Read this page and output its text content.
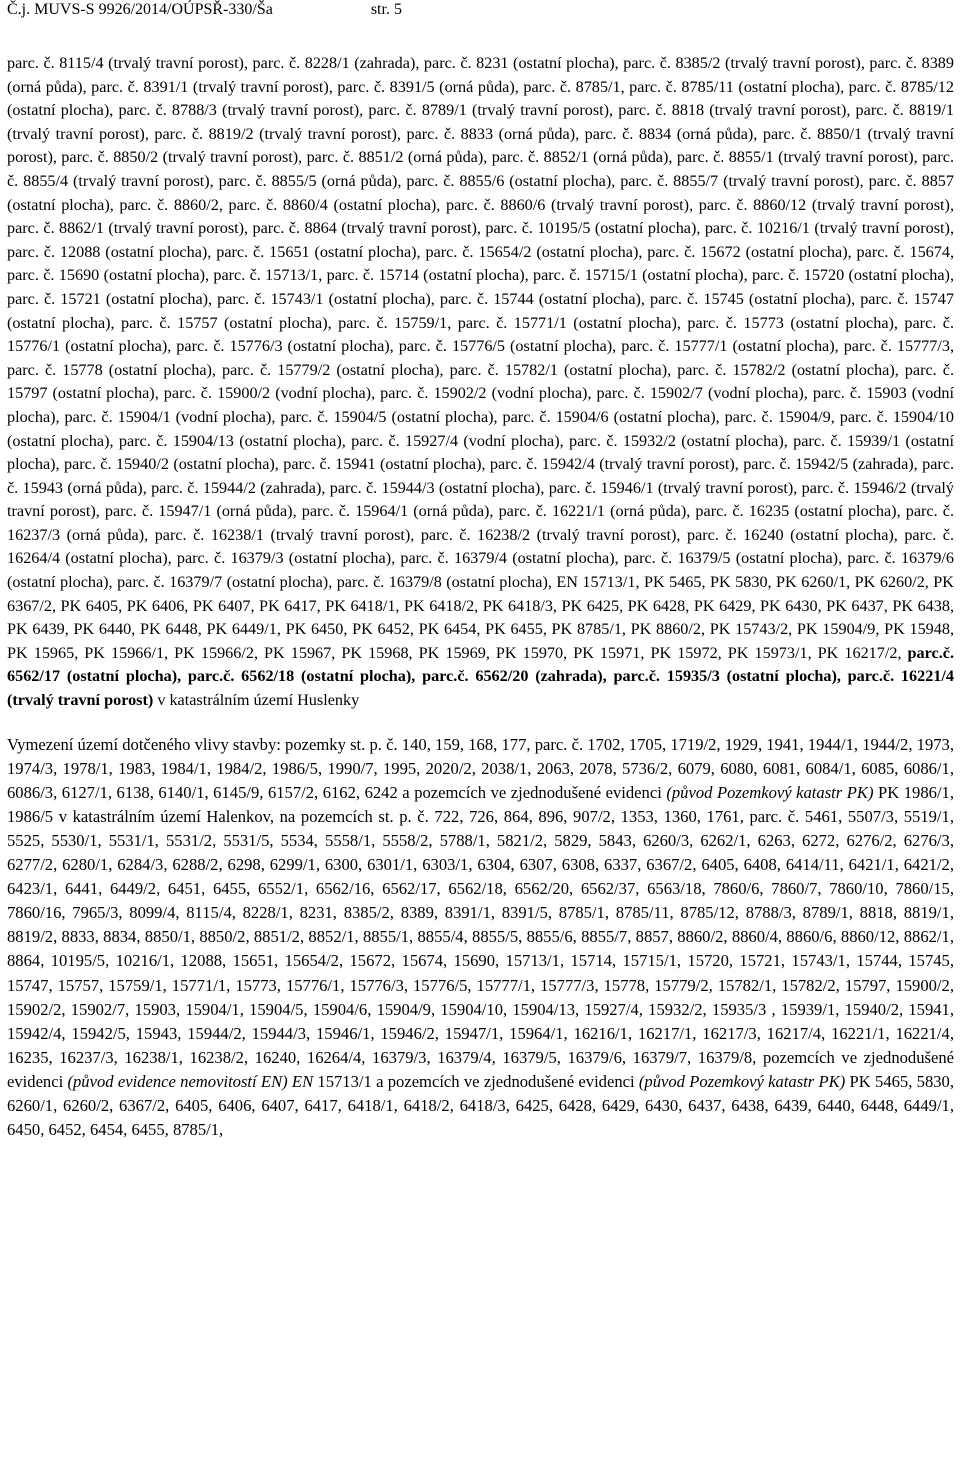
Č.j. MUVS-S 9926/2014/OÚPSŘ-330/Ša	str. 5

parc. č. 8115/4 (trvalý travní porost), parc. č. 8228/1 (zahrada), parc. č. 8231 (ostatní plocha), parc. č. 8385/2 (trvalý travní porost), parc. č. 8389 (orná půda), parc. č. 8391/1 (trvalý travní porost), parc. č. 8391/5 (orná půda), parc. č. 8785/1, parc. č. 8785/11 (ostatní plocha), parc. č. 8785/12 (ostatní plocha), parc. č. 8788/3 (trvalý travní porost), parc. č. 8789/1 (trvalý travní porost), parc. č. 8818 (trvalý travní porost), parc. č. 8819/1 (trvalý travní porost), parc. č. 8819/2 (trvalý travní porost), parc. č. 8833 (orná půda), parc. č. 8834 (orná půda), parc. č. 8850/1 (trvalý travní porost), parc. č. 8850/2 (trvalý travní porost), parc. č. 8851/2 (orná půda), parc. č. 8852/1 (orná půda), parc. č. 8855/1 (trvalý travní porost), parc. č. 8855/4 (trvalý travní porost), parc. č. 8855/5 (orná půda), parc. č. 8855/6 (ostatní plocha), parc. č. 8855/7 (trvalý travní porost), parc. č. 8857 (ostatní plocha), parc. č. 8860/2, parc. č. 8860/4 (ostatní plocha), parc. č. 8860/6 (trvalý travní porost), parc. č. 8860/12 (trvalý travní porost), parc. č. 8862/1 (trvalý travní porost), parc. č. 8864 (trvalý travní porost), parc. č. 10195/5 (ostatní plocha), parc. č. 10216/1 (trvalý travní porost), parc. č. 12088 (ostatní plocha), parc. č. 15651 (ostatní plocha), parc. č. 15654/2 (ostatní plocha), parc. č. 15672 (ostatní plocha), parc. č. 15674, parc. č. 15690 (ostatní plocha), parc. č. 15713/1, parc. č. 15714 (ostatní plocha), parc. č. 15715/1 (ostatní plocha), parc. č. 15720 (ostatní plocha), parc. č. 15721 (ostatní plocha), parc. č. 15743/1 (ostatní plocha), parc. č. 15744 (ostatní plocha), parc. č. 15745 (ostatní plocha), parc. č. 15747 (ostatní plocha), parc. č. 15757 (ostatní plocha), parc. č. 15759/1, parc. č. 15771/1 (ostatní plocha), parc. č. 15773 (ostatní plocha), parc. č. 15776/1 (ostatní plocha), parc. č. 15776/3 (ostatní plocha), parc. č. 15776/5 (ostatní plocha), parc. č. 15777/1 (ostatní plocha), parc. č. 15777/3, parc. č. 15778 (ostatní plocha), parc. č. 15779/2 (ostatní plocha), parc. č. 15782/1 (ostatní plocha), parc. č. 15782/2 (ostatní plocha), parc. č. 15797 (ostatní plocha), parc. č. 15900/2 (vodní plocha), parc. č. 15902/2 (vodní plocha), parc. č. 15902/7 (vodní plocha), parc. č. 15903 (vodní plocha), parc. č. 15904/1 (vodní plocha), parc. č. 15904/5 (ostatní plocha), parc. č. 15904/6 (ostatní plocha), parc. č. 15904/9, parc. č. 15904/10 (ostatní plocha), parc. č. 15904/13 (ostatní plocha), parc. č. 15927/4 (vodní plocha), parc. č. 15932/2 (ostatní plocha), parc. č. 15939/1 (ostatní plocha), parc. č. 15940/2 (ostatní plocha), parc. č. 15941 (ostatní plocha), parc. č. 15942/4 (trvalý travní porost), parc. č. 15942/5 (zahrada), parc. č. 15943 (orná půda), parc. č. 15944/2 (zahrada), parc. č. 15944/3 (ostatní plocha), parc. č. 15946/1 (trvalý travní porost), parc. č. 15946/2 (trvalý travní porost), parc. č. 15947/1 (orná půda), parc. č. 15964/1 (orná půda), parc. č. 16221/1 (orná půda), parc. č. 16235 (ostatní plocha), parc. č. 16237/3 (orná půda), parc. č. 16238/1 (trvalý travní porost), parc. č. 16238/2 (trvalý travní porost), parc. č. 16240 (ostatní plocha), parc. č. 16264/4 (ostatní plocha), parc. č. 16379/3 (ostatní plocha), parc. č. 16379/4 (ostatní plocha), parc. č. 16379/5 (ostatní plocha), parc. č. 16379/6 (ostatní plocha), parc. č. 16379/7 (ostatní plocha), parc. č. 16379/8 (ostatní plocha), EN 15713/1, PK 5465, PK 5830, PK 6260/1, PK 6260/2, PK 6367/2, PK 6405, PK 6406, PK 6407, PK 6417, PK 6418/1, PK 6418/2, PK 6418/3, PK 6425, PK 6428, PK 6429, PK 6430, PK 6437, PK 6438, PK 6439, PK 6440, PK 6448, PK 6449/1, PK 6450, PK 6452, PK 6454, PK 6455, PK 8785/1, PK 8860/2, PK 15743/2, PK 15904/9, PK 15948, PK 15965, PK 15966/1, PK 15966/2, PK 15967, PK 15968, PK 15969, PK 15970, PK 15971, PK 15972, PK 15973/1, PK 16217/2, parc.č. 6562/17 (ostatní plocha), parc.č. 6562/18 (ostatní plocha), parc.č. 6562/20 (zahrada), parc.č. 15935/3 (ostatní plocha), parc.č. 16221/4 (trvalý travní porost) v katastrálním území Huslenky

Vymezení území dotčeného vlivy stavby: pozemky st. p. č. 140, 159, 168, 177, parc. č. 1702, 1705, 1719/2, 1929, 1941, 1944/1, 1944/2, 1973, 1974/3, 1978/1, 1983, 1984/1, 1984/2, 1986/5, 1990/7, 1995, 2020/2, 2038/1, 2063, 2078, 5736/2, 6079, 6080, 6081, 6084/1, 6085, 6086/1, 6086/3, 6127/1, 6138, 6140/1, 6145/9, 6157/2, 6162, 6242 a pozemcích ve zjednodušené evidenci (původ Pozemkový katastr PK) PK 1986/1, 1986/5 v katastrálním území Halenkov, na pozemcích st. p. č. 722, 726, 864, 896, 907/2, 1353, 1360, 1761, parc. č. 5461, 5507/3, 5519/1, 5525, 5530/1, 5531/1, 5531/2, 5531/5, 5534, 5558/1, 5558/2, 5788/1, 5821/2, 5829, 5843, 6260/3, 6262/1, 6263, 6272, 6276/2, 6276/3, 6277/2, 6280/1, 6284/3, 6288/2, 6298, 6299/1, 6300, 6301/1, 6303/1, 6304, 6307, 6308, 6337, 6367/2, 6405, 6408, 6414/11, 6421/1, 6421/2, 6423/1, 6441, 6449/2, 6451, 6455, 6552/1, 6562/16, 6562/17, 6562/18, 6562/20, 6562/37, 6563/18, 7860/6, 7860/7, 7860/10, 7860/15, 7860/16, 7965/3, 8099/4, 8115/4, 8228/1, 8231, 8385/2, 8389, 8391/1, 8391/5, 8785/1, 8785/11, 8785/12, 8788/3, 8789/1, 8818, 8819/1, 8819/2, 8833, 8834, 8850/1, 8850/2, 8851/2, 8852/1, 8855/1, 8855/4, 8855/5, 8855/6, 8855/7, 8857, 8860/2, 8860/4, 8860/6, 8860/12, 8862/1, 8864, 10195/5, 10216/1, 12088, 15651, 15654/2, 15672, 15674, 15690, 15713/1, 15714, 15715/1, 15720, 15721, 15743/1, 15744, 15745, 15747, 15757, 15759/1, 15771/1, 15773, 15776/1, 15776/3, 15776/5, 15777/1, 15777/3, 15778, 15779/2, 15782/1, 15782/2, 15797, 15900/2, 15902/2, 15902/7, 15903, 15904/1, 15904/5, 15904/6, 15904/9, 15904/10, 15904/13, 15927/4, 15932/2, 15935/3 , 15939/1, 15940/2, 15941, 15942/4, 15942/5, 15943, 15944/2, 15944/3, 15946/1, 15946/2, 15947/1, 15964/1, 16216/1, 16217/1, 16217/3, 16217/4, 16221/1, 16221/4, 16235, 16237/3, 16238/1, 16238/2, 16240, 16264/4, 16379/3, 16379/4, 16379/5, 16379/6, 16379/7, 16379/8, pozemcích ve zjednodušené evidenci (původ evidence nemovitostí EN) EN 15713/1 a pozemcích ve zjednodušené evidenci (původ Pozemkový katastr PK) PK 5465, 5830, 6260/1, 6260/2, 6367/2, 6405, 6406, 6407, 6417, 6418/1, 6418/2, 6418/3, 6425, 6428, 6429, 6430, 6437, 6438, 6439, 6440, 6448, 6449/1, 6450, 6452, 6454, 6455, 8785/1,
